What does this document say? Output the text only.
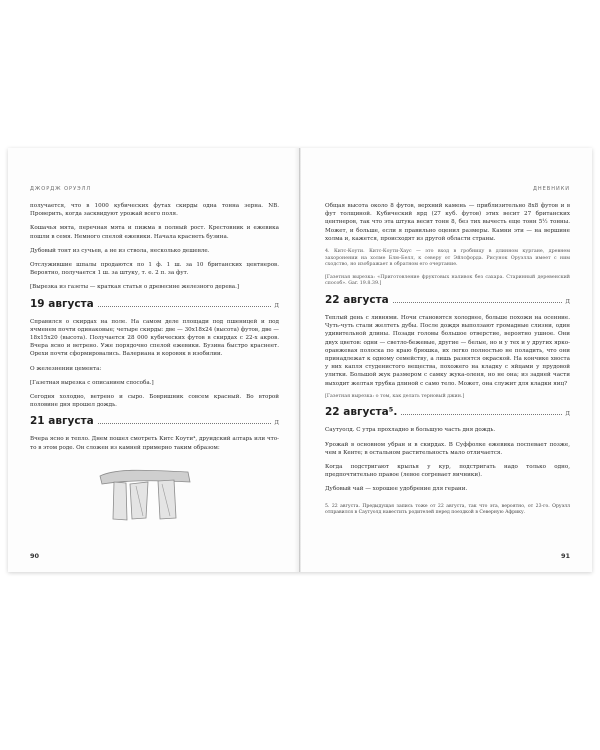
ДЖОРДЖ ОРУЭЛЛ

получается, что в 1000 кубических футах скирды одна тонна зерна. NB. Проверить, когда засквидуют урожай всего поля.

Кошачья мята, перечная мята и пижма в полный рост. Крестовник и ежевика пошли в семя. Немного спелой ежевики. Начала краснеть бузина.

Дубовый тонт из сучьев, а не из ствола, несколько дешевле.

Отслужившие шпалы продаются по 1 ф. 1 ш. за 10 британских центнеров. Вероятно, получается 1 ш. за штуку, т. е. 2 п. за фут.

[Вырезка из газеты — краткая статья о древесине железного дерева.]

19 августа	Д

Справился о скирдах на поле. На самом деле площади под пшеницей и под ячменем почти одинаковые; четыре скирды: две — 30х18х24 (высота) футов, две — 18х15х20 (высота). Получается 28 000 кубических футов в скирдах с 22-х акров. Вчера ясно и ветрено. Уже порядочно спелой ежевики. Бузина быстро краснеет. Орехи почти сформировались. Валериана и коровяк в изобилии.

О железнении цемента:

[Газетная вырезка с описанием способа.]

Сегодня холодно, ветрено и сыро. Бовришник совсем красный. Во второй половине дня прошел дождь.

21 августа	Д

Вчера ясно и тепло. Днем пошел смотреть Китс Коути⁴, друидский алтарь или что-то в этом роде. Он сложен из камней примерно таким образом:

90
ДНЕВНИКИ

Общая высота около 8 футов, верхний камень — приблизительно 8х8 футов и в фут толщиной. Кубический ярд (27 куб. футов) этих весит 27 британских центнеров, так что эта штука весит тонн 8, без тих вычесть еще тонн 5½ тонны. Может, и больше, если я правильно оценил размеры. Камни эти — на вершине холма и, кажется, происходят из другой области страны.

4. Китс-Коути. Китс-Коути-Хаус — это вход в гробницу в длинном кургане, древнем захоронении на холме Блю-Белл, к северу от Эйлсфорда. Рисунок Оруэлла имеет с ним сходство, но изображает в обратном его очертание.

[Газетная вырезка: «Приготовление фруктовых наливок без сахара. Старинный деревенский способ». Gar. 19.8.39.]

22 августа	Д

Теплый день с ливнями. Ночи становятся холоднее, больше похожи на осенние. Чуть-чуть стали желтеть дубы. После дождя выползают громадные слизни, один удивительной длины. Позади головы большое отверстие, вероятно ушное. Они двух цветов: одни — светло-бежевые, другие — белые, но и у тех и у других ярко-оранжевая полоска по краю брюшка, их легко полностью не поладить, что они принадлежат к одному семейству, а лишь разнятся окраской. На кончике хвоста у них капля студенистого вещества, похожего на кладку с яйцами у прудовой улитки. Большой жук размером с самку жука-оленя, но не она; из задней части выходит желтая трубка длиной с само тело. Может, она служит для кладки яиц?

[Газетная вырезка: о том, как делать терновый джин.]

22 августа⁵.	Д

Саутуолд. С утра прохладно и большую часть дня дождь.

Урожай в основном убран и в скирдах. В Суффолке ежевика поспевает позже, чем в Кенте; в остальном растительность мало отличается.

Когда подстригают крылья у кур, подстригать надо только одно, предпочтительно правое (левое согревает яичники).

Дубовый чай — хорошее удобрение для герани.

5. 22 августа. Предыдущая запись тоже от 22 августа, так что эта, вероятно, от 23-го. Оруэлл отправился в Саутуолд навестить родителей перед поездкой в Северную Африку.

91
